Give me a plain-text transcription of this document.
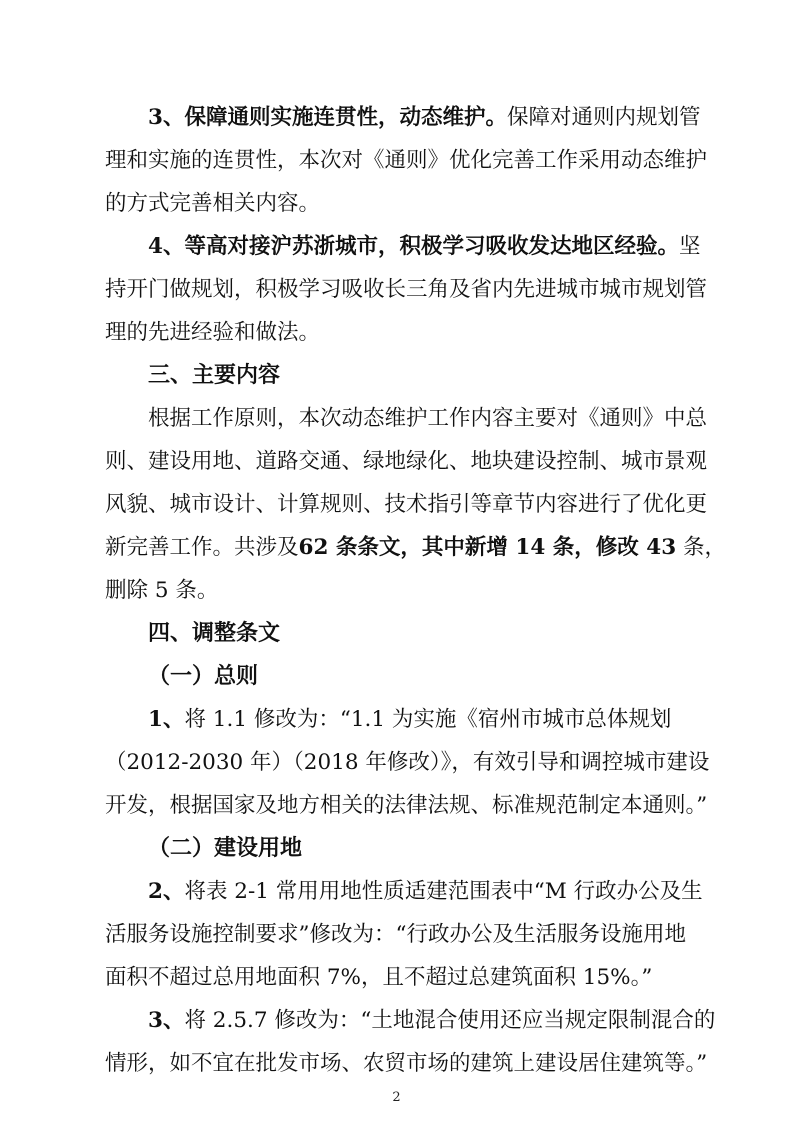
3、保障通则实施连贯性，动态维护。保障对通则内规划管
理和实施的连贯性，本次对《通则》优化完善工作采用动态维护
的方式完善相关内容。
4、等高对接沪苏浙城市，积极学习吸收发达地区经验。坚
持开门做规划，积极学习吸收长三角及省内先进城市城市规划管
理的先进经验和做法。
三、主要内容
根据工作原则，本次动态维护工作内容主要对《通则》中总
则、建设用地、道路交通、绿地绿化、地块建设控制、城市景观
风貌、城市设计、计算规则、技术指引等章节内容进行了优化更
新完善工作。共涉及62 条条文，其中新增 14 条，修改 43 条，
删除 5 条。
四、调整条文
（一）总则
1、将 1.1 修改为：“1.1 为实施《宿州市城市总体规划
（2012-2030 年）（2018 年修改）》，有效引导和调控城市建设
开发，根据国家及地方相关的法律法规、标准规范制定本通则。”
（二）建设用地
2、将表 2-1 常用用地性质适建范围表中“M 行政办公及生
活服务设施控制要求”修改为：“行政办公及生活服务设施用地
面积不超过总用地面积 7%，且不超过总建筑面积 15%。”
3、将 2.5.7 修改为：“土地混合使用还应当规定限制混合的
情形，如不宜在批发市场、农贸市场的建筑上建设居住建筑等。”
2
